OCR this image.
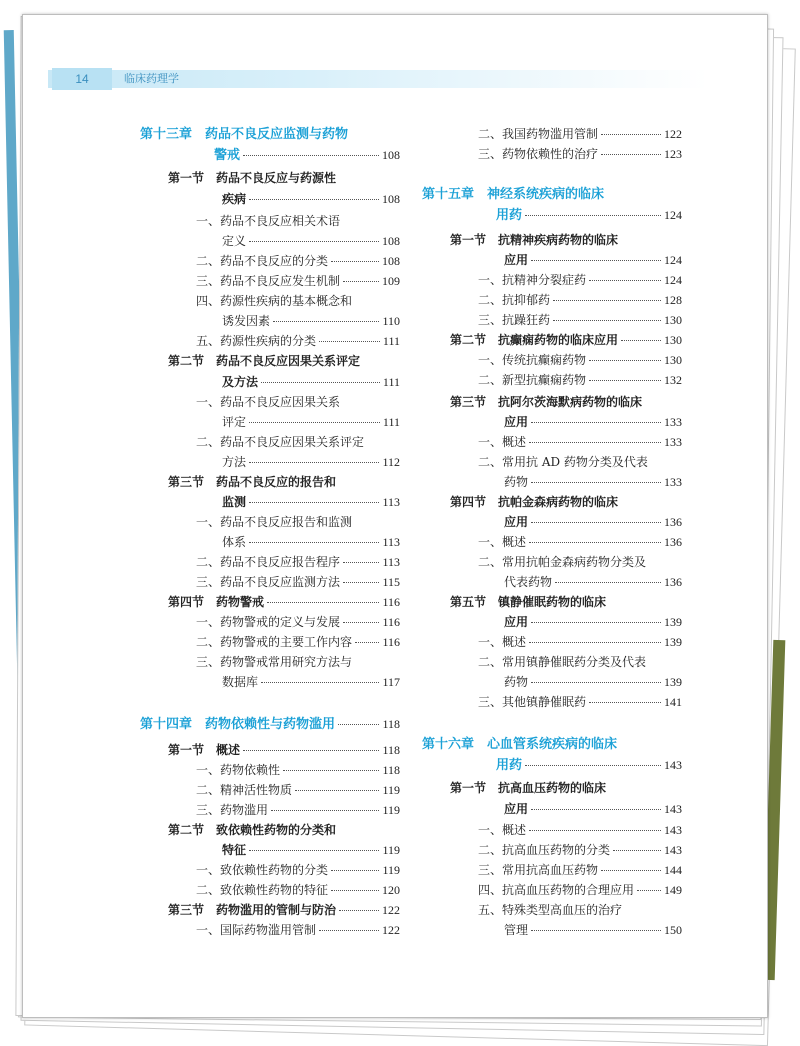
14	临床药理学
第十三章　药品不良反应监测与药物
警戒	108
第一节　药品不良反应与药源性
疾病	108
一、药品不良反应相关术语
定义	108
二、药品不良反应的分类	108
三、药品不良反应发生机制	109
四、药源性疾病的基本概念和
诱发因素	110
五、药源性疾病的分类	111
第二节　药品不良反应因果关系评定
及方法	111
一、药品不良反应因果关系
评定	111
二、药品不良反应因果关系评定
方法	112
第三节　药品不良反应的报告和
监测	113
一、药品不良反应报告和监测
体系	113
二、药品不良反应报告程序	113
三、药品不良反应监测方法	115
第四节　药物警戒	116
一、药物警戒的定义与发展	116
二、药物警戒的主要工作内容	116
三、药物警戒常用研究方法与
数据库	117
第十四章　药物依赖性与药物滥用	118
第一节　概述	118
一、药物依赖性	118
二、精神活性物质	119
三、药物滥用	119
第二节　致依赖性药物的分类和
特征	119
一、致依赖性药物的分类	119
二、致依赖性药物的特征	120
第三节　药物滥用的管制与防治	122
一、国际药物滥用管制	122
二、我国药物滥用管制	122
三、药物依赖性的治疗	123
第十五章　神经系统疾病的临床
用药	124
第一节　抗精神疾病药物的临床
应用	124
一、抗精神分裂症药	124
二、抗抑郁药	128
三、抗躁狂药	130
第二节　抗癫痫药物的临床应用	130
一、传统抗癫痫药物	130
二、新型抗癫痫药物	132
第三节　抗阿尔茨海默病药物的临床
应用	133
一、概述	133
二、常用抗 AD 药物分类及代表
药物	133
第四节　抗帕金森病药物的临床
应用	136
一、概述	136
二、常用抗帕金森病药物分类及
代表药物	136
第五节　镇静催眠药物的临床
应用	139
一、概述	139
二、常用镇静催眠药分类及代表
药物	139
三、其他镇静催眠药	141
第十六章　心血管系统疾病的临床
用药	143
第一节　抗高血压药物的临床
应用	143
一、概述	143
二、抗高血压药物的分类	143
三、常用抗高血压药物	144
四、抗高血压药物的合理应用 149
五、特殊类型高血压的治疗
管理	150
